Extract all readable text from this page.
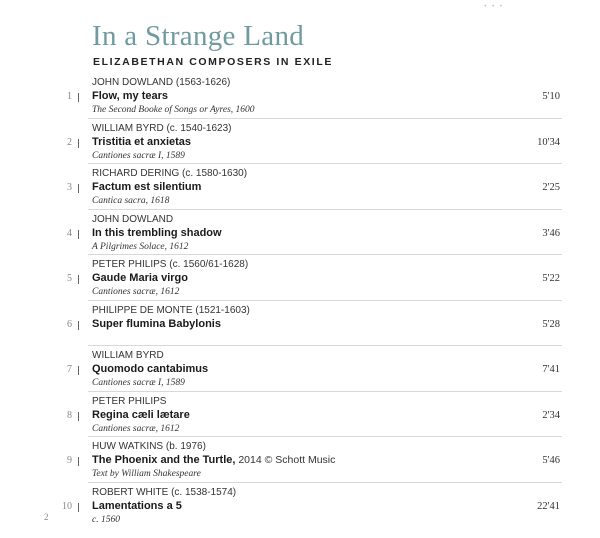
• • •
In a Strange Land
ELIZABETHAN COMPOSERS IN EXILE
JOHN DOWLAND (1563-1626)
1 Flow, my tears
The Second Booke of Songs or Ayres, 1600
5'10
WILLIAM BYRD (c. 1540-1623)
2 Tristitia et anxietas
Cantiones sacræ I, 1589
10'34
RICHARD DERING (c. 1580-1630)
3 Factum est silentium
Cantica sacra, 1618
2'25
JOHN DOWLAND
4 In this trembling shadow
A Pilgrimes Solace, 1612
3'46
PETER PHILIPS (c. 1560/61-1628)
5 Gaude Maria virgo
Cantiones sacræ, 1612
5'22
PHILIPPE DE MONTE (1521-1603)
6 Super flumina Babylonis	5'28
WILLIAM BYRD
7 Quomodo cantabimus
Cantiones sacræ I, 1589
7'41
PETER PHILIPS
8 Regina cæli lætare
Cantiones sacræ, 1612
2'34
HUW WATKINS (b. 1976)
9 The Phoenix and the Turtle, 2014 © Schott Music
Text by William Shakespeare
5'46
ROBERT WHITE (c. 1538-1574)
10 Lamentations a 5
c. 1560
22'41
2
